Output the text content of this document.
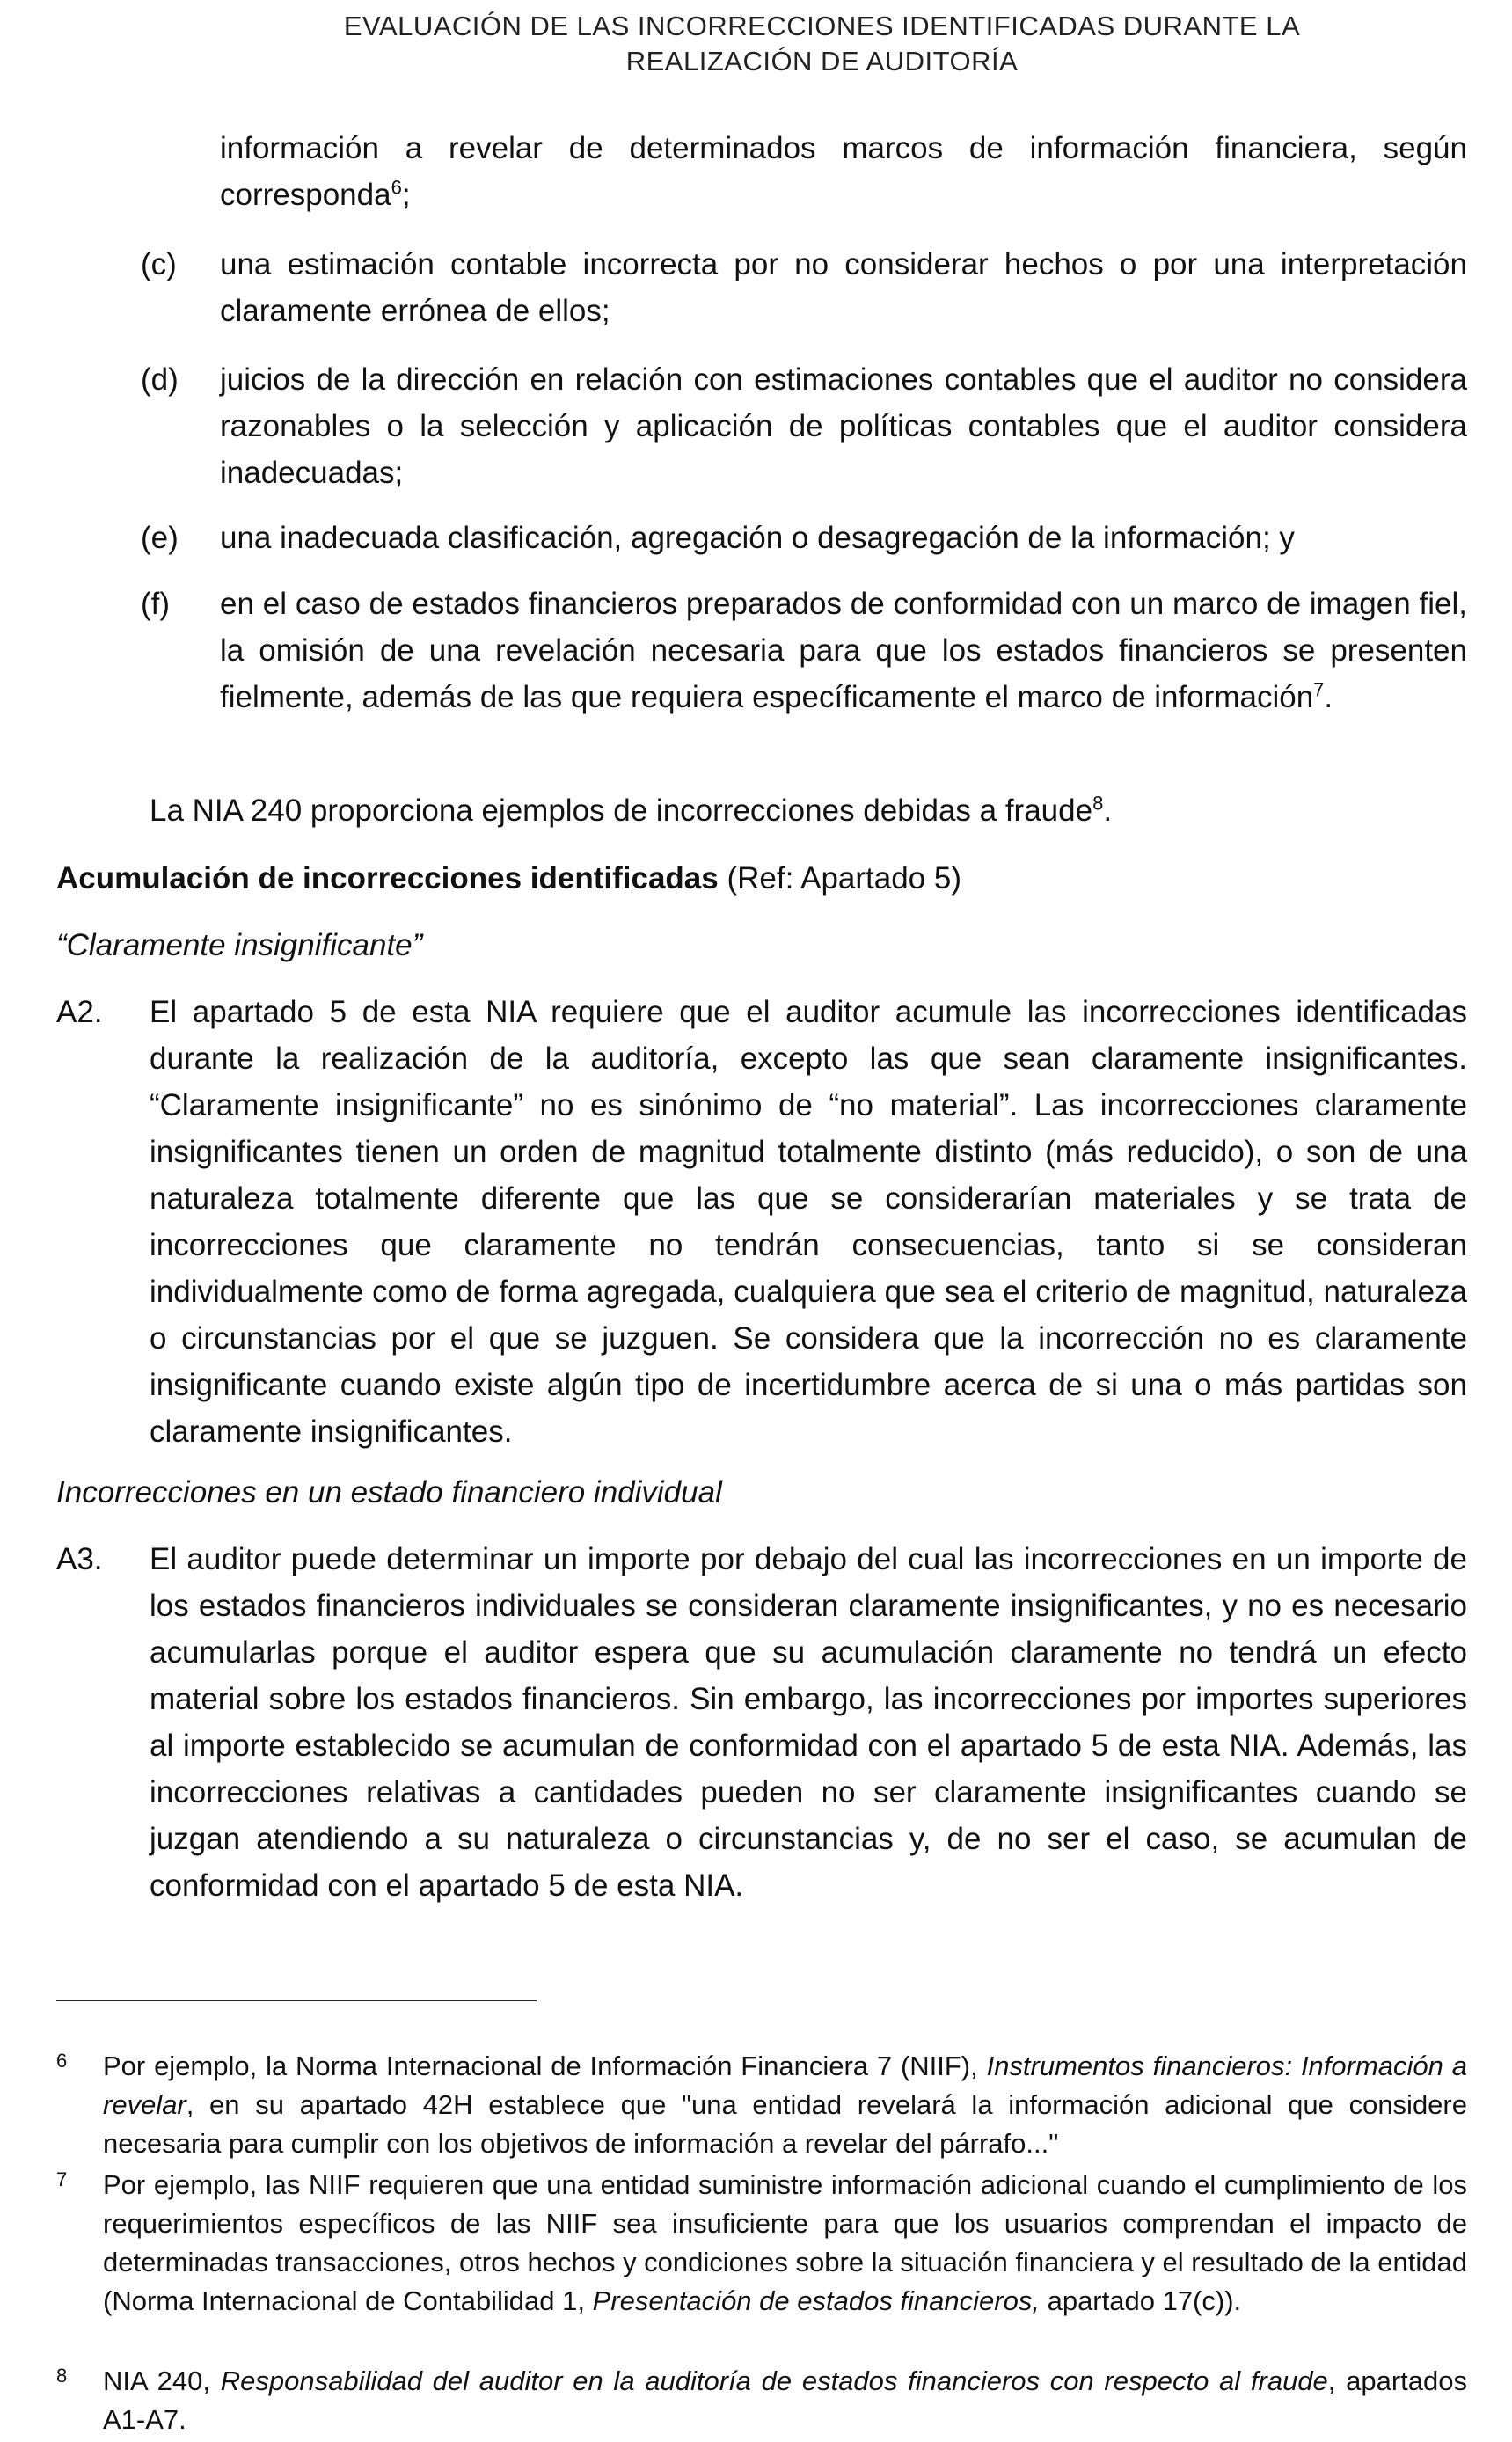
EVALUACIÓN DE LAS INCORRECCIONES IDENTIFICADAS DURANTE LA
REALIZACIÓN DE AUDITORÍA
información a revelar de determinados marcos de información financiera, según corresponda$^6$;
(c)	una estimación contable incorrecta por no considerar hechos o por una interpretación claramente errónea de ellos;
(d)	juicios de la dirección en relación con estimaciones contables que el auditor no considera razonables o la selección y aplicación de políticas contables que el auditor considera inadecuadas;
(e)	una inadecuada clasificación, agregación o desagregación de la información; y
(f)	en el caso de estados financieros preparados de conformidad con un marco de imagen fiel, la omisión de una revelación necesaria para que los estados financieros se presenten fielmente, además de las que requiera específicamente el marco de información$^7$.
La NIA 240 proporciona ejemplos de incorrecciones debidas a fraude$^8$.
Acumulación de incorrecciones identificadas (Ref: Apartado 5)
“Claramente insignificante”
A2.	El apartado 5 de esta NIA requiere que el auditor acumule las incorrecciones identificadas durante la realización de la auditoría, excepto las que sean claramente insignificantes. “Claramente insignificante” no es sinónimo de “no material”. Las incorrecciones claramente insignificantes tienen un orden de magnitud totalmente distinto (más reducido), o son de una naturaleza totalmente diferente que las que se considerarían materiales y se trata de incorrecciones que claramente no tendrán consecuencias, tanto si se consideran individualmente como de forma agregada, cualquiera que sea el criterio de magnitud, naturaleza o circunstancias por el que se juzguen. Se considera que la incorrección no es claramente insignificante cuando existe algún tipo de incertidumbre acerca de si una o más partidas son claramente insignificantes.
Incorrecciones en un estado financiero individual
A3.	El auditor puede determinar un importe por debajo del cual las incorrecciones en un importe de los estados financieros individuales se consideran claramente insignificantes, y no es necesario acumularlas porque el auditor espera que su acumulación claramente no tendrá un efecto material sobre los estados financieros. Sin embargo, las incorrecciones por importes superiores al importe establecido se acumulan de conformidad con el apartado 5 de esta NIA. Además, las incorrecciones relativas a cantidades pueden no ser claramente insignificantes cuando se juzgan atendiendo a su naturaleza o circunstancias y, de no ser el caso, se acumulan de conformidad con el apartado 5 de esta NIA.
6 Por ejemplo, la Norma Internacional de Información Financiera 7 (NIIF), Instrumentos financieros: Información a revelar, en su apartado 42H establece que "una entidad revelará la información adicional que considere necesaria para cumplir con los objetivos de información a revelar del párrafo..."
7 Por ejemplo, las NIIF requieren que una entidad suministre información adicional cuando el cumplimiento de los requerimientos específicos de las NIIF sea insuficiente para que los usuarios comprendan el impacto de determinadas transacciones, otros hechos y condiciones sobre la situación financiera y el resultado de la entidad (Norma Internacional de Contabilidad 1, Presentación de estados financieros, apartado 17(c)).
8 NIA 240, Responsabilidad del auditor en la auditoría de estados financieros con respecto al fraude, apartados A1-A7.
